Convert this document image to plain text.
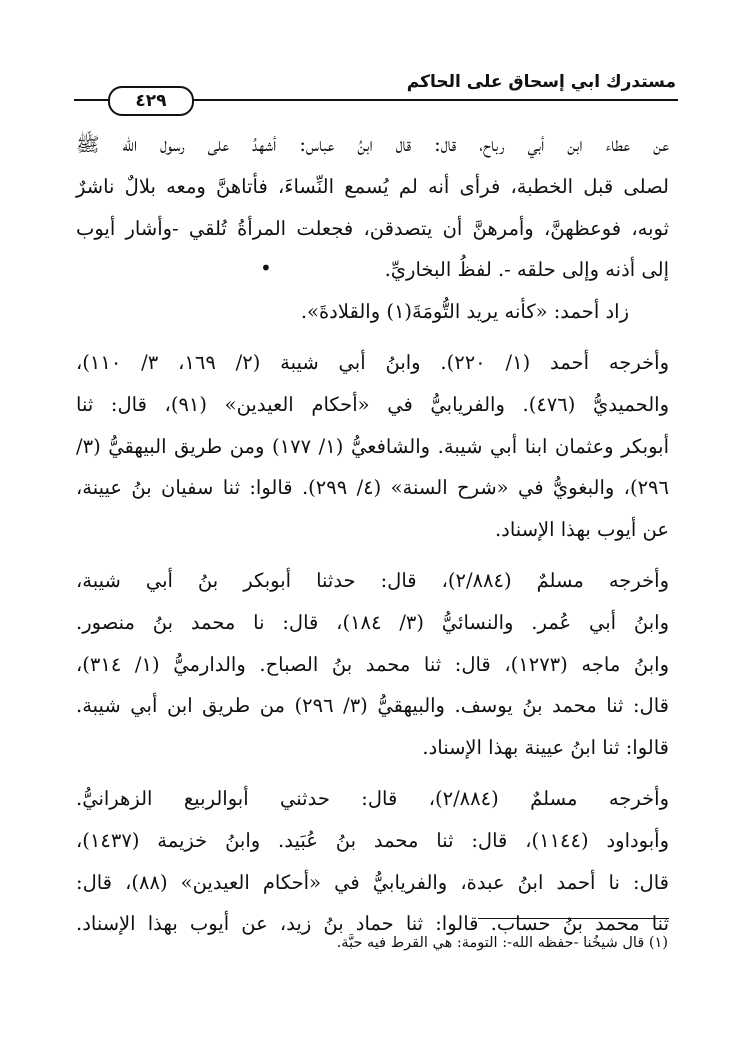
مستدرك ابي إسحاق على الحاكم
٤٢٩
عن عطاء ابن أبي رباح، قال: قال ابنُ عباس: أشهدُ على رسول الله ﷺ
لصلى قبل الخطبة، فرأى أنه لم يُسمع النِّساءَ، فأتاهنَّ ومعه بلالٌ ناشرٌ
ثوبه، فوعظهنَّ، وأمرهنَّ أن يتصدقن، فجعلت المرأةُ تُلقي -وأشار أيوب
إلى أذنه وإلى حلقه -. لفظُ البخاريِّ.
زاد أحمد: «كأنه يريد التُّومَةَ(١) والقلادةَ».
وأخرجه أحمد (١/ ٢٢٠). وابنُ أبي شيبة (٢/ ١٦٩، ٣/ ١١٠)،
والحميديُّ (٤٧٦). والفريابيُّ في «أحكام العيدين» (٩١)، قال: ثنا
أبوبكر وعثمان ابنا أبي شيبة. والشافعيُّ (١/ ١٧٧) ومن طريق البيهقيُّ (٣/
٢٩٦)، والبغويُّ في «شرح السنة» (٤/ ٢٩٩). قالوا: ثنا سفيان بنُ عيينة،
عن أيوب بهذا الإسناد.
وأخرجه مسلمٌ (٢/٨٨٤)، قال: حدثنا أبوبكر بنُ أبي شيبة،
وابنُ أبي عُمر. والنسائيُّ (٣/ ١٨٤)، قال: نا محمد بنُ منصور.
وابنُ ماجه (١٢٧٣)، قال: ثنا محمد بنُ الصباح. والدارميُّ (١/ ٣١٤)،
قال: ثنا محمد بنُ يوسف. والبيهقيُّ (٣/ ٢٩٦) من طريق ابن أبي شيبة.
قالوا: ثنا ابنُ عيينة بهذا الإسناد.
وأخرجه مسلمٌ (٢/٨٨٤)، قال: حدثني أبوالربيع الزهرانيُّ.
وأبوداود (١١٤٤)، قال: ثنا محمد بنُ عُبَيد. وابنُ خزيمة (١٤٣٧)،
قال: نا أحمد ابنُ عبدة، والفريابيُّ في «أحكام العيدين» (٨٨)، قال:
ثنا محمد بنُ حساب. قالوا: ثنا حماد بنُ زيد، عن أيوب بهذا الإسناد.
•
(١) قال شيخُنا -حفظه الله-: التومة: هي القرط فيه حبَّة.
